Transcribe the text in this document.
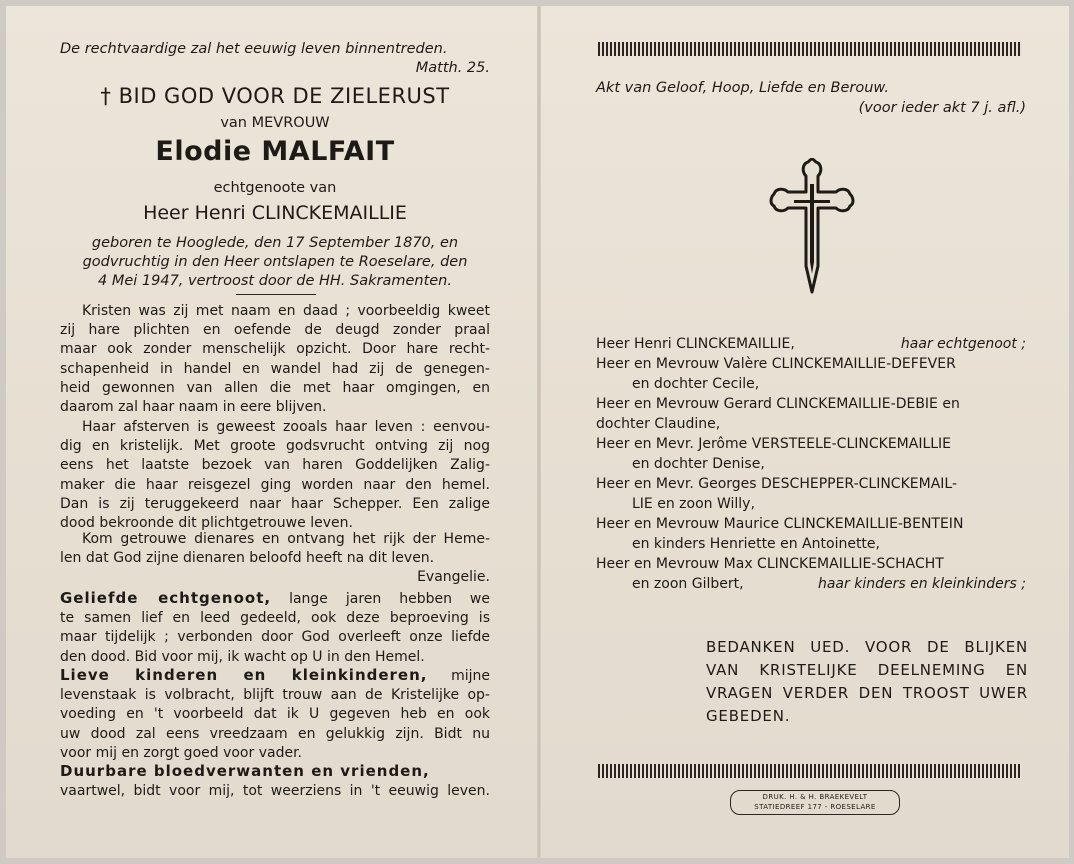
De rechtvaardige zal het eeuwig leven binnentreden.
Matth. 25.
† BID GOD VOOR DE ZIELERUST
van MEVROUW
Elodie MALFAIT
echtgenoote van
Heer Henri CLINCKEMAILLIE
geboren te Hooglede, den 17 September 1870, en
godvruchtig in den Heer ontslapen te Roeselare, den
4 Mei 1947, vertroost door de HH. Sakramenten.
Kristen was zij met naam en daad ; voorbeeldig kweet
zij hare plichten en oefende de deugd zonder praal
maar ook zonder menschelijk opzicht. Door hare recht-
schapenheid in handel en wandel had zij de genegen-
heid gewonnen van allen die met haar omgingen, en
daarom zal haar naam in eere blijven.
Haar afsterven is geweest zooals haar leven : eenvou-
dig en kristelijk. Met groote godsvrucht ontving zij nog
eens het laatste bezoek van haren Goddelijken Zalig-
maker die haar reisgezel ging worden naar den hemel.
Dan is zij teruggekeerd naar haar Schepper. Een zalige
dood bekroonde dit plichtgetrouwe leven.
Kom getrouwe dienares en ontvang het rijk der Heme-
len dat God zijne dienaren beloofd heeft na dit leven.
Evangelie.
Geliefde echtgenoot, lange jaren hebben we
te samen lief en leed gedeeld, ook deze beproeving is
maar tijdelijk ; verbonden door God overleeft onze liefde
den dood. Bid voor mij, ik wacht op U in den Hemel.
Lieve kinderen en kleinkinderen, mijne
levenstaak is volbracht, blijft trouw aan de Kristelijke op-
voeding en 't voorbeeld dat ik U gegeven heb en ook
uw dood zal eens vreedzaam en gelukkig zijn. Bidt nu
voor mij en zorgt goed voor vader.
Duurbare bloedverwanten en vrienden,
vaartwel, bidt voor mij, tot weerziens in 't eeuwig leven.
Akt van Geloof, Hoop, Liefde en Berouw.
(voor ieder akt 7 j. afl.)
Heer Henri CLINCKEMAILLIE,	haar echtgenoot ;
Heer en Mevrouw Valère CLINCKEMAILLIE-DEFEVER
en dochter Cecile,
Heer en Mevrouw Gerard CLINCKEMAILLIE-DEBIE en
dochter Claudine,
Heer en Mevr. Jerôme VERSTEELE-CLINCKEMAILLIE
en dochter Denise,
Heer en Mevr. Georges DESCHEPPER-CLINCKEMAIL-
LIE en zoon Willy,
Heer en Mevrouw Maurice CLINCKEMAILLIE-BENTEIN
en kinders Henriette en Antoinette,
Heer en Mevrouw Max CLINCKEMAILLIE-SCHACHT
en zoon Gilbert,	haar kinders en kleinkinders ;
BEDANKEN UED. VOOR DE BLIJKEN
VAN KRISTELIJKE DEELNEMING EN
VRAGEN VERDER DEN TROOST UWER
GEBEDEN.
DRUK. H. & H. BRAEKEVELT
STATIEDREEF 177 - ROESELARE
